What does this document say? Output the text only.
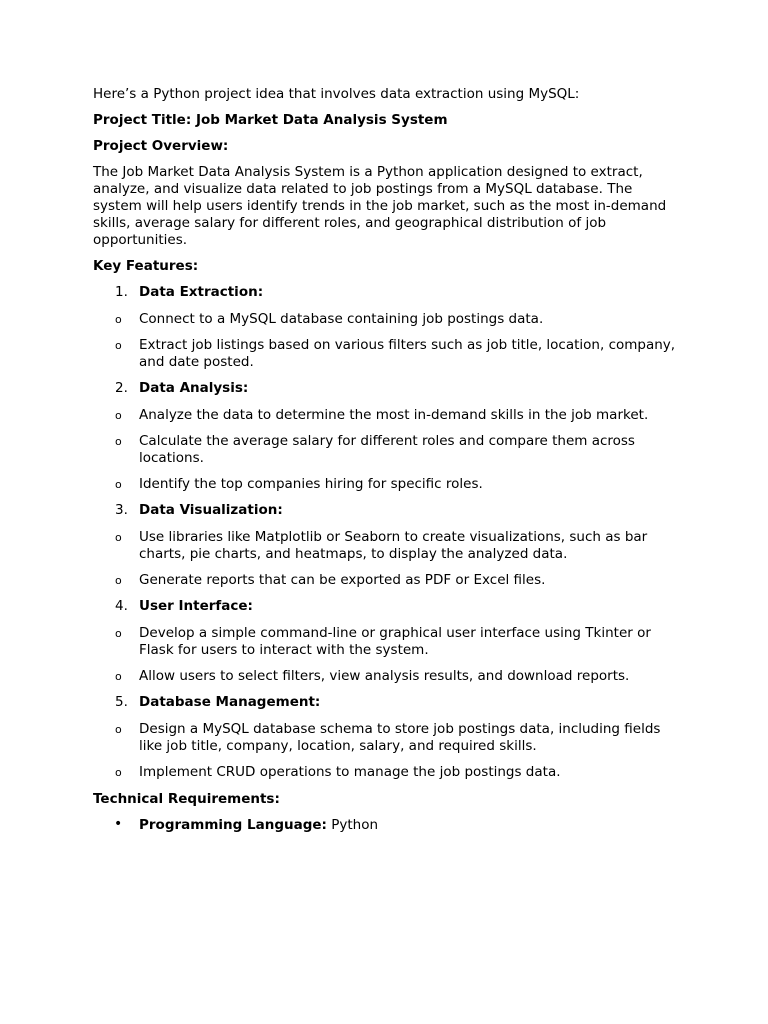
Here’s a Python project idea that involves data extraction using MySQL:

Project Title: Job Market Data Analysis System

Project Overview:

The Job Market Data Analysis System is a Python application designed to extract, analyze, and visualize data related to job postings from a MySQL database. The system will help users identify trends in the job market, such as the most in-demand skills, average salary for different roles, and geographical distribution of job opportunities.

Key Features:

1. Data Extraction:

o Connect to a MySQL database containing job postings data.

o Extract job listings based on various filters such as job title, location, company, and date posted.

2. Data Analysis:

o Analyze the data to determine the most in-demand skills in the job market.

o Calculate the average salary for different roles and compare them across locations.

o Identify the top companies hiring for specific roles.

3. Data Visualization:

o Use libraries like Matplotlib or Seaborn to create visualizations, such as bar charts, pie charts, and heatmaps, to display the analyzed data.

o Generate reports that can be exported as PDF or Excel files.

4. User Interface:

o Develop a simple command-line or graphical user interface using Tkinter or Flask for users to interact with the system.

o Allow users to select filters, view analysis results, and download reports.

5. Database Management:

o Design a MySQL database schema to store job postings data, including fields like job title, company, location, salary, and required skills.

o Implement CRUD operations to manage the job postings data.

Technical Requirements:

• Programming Language: Python
